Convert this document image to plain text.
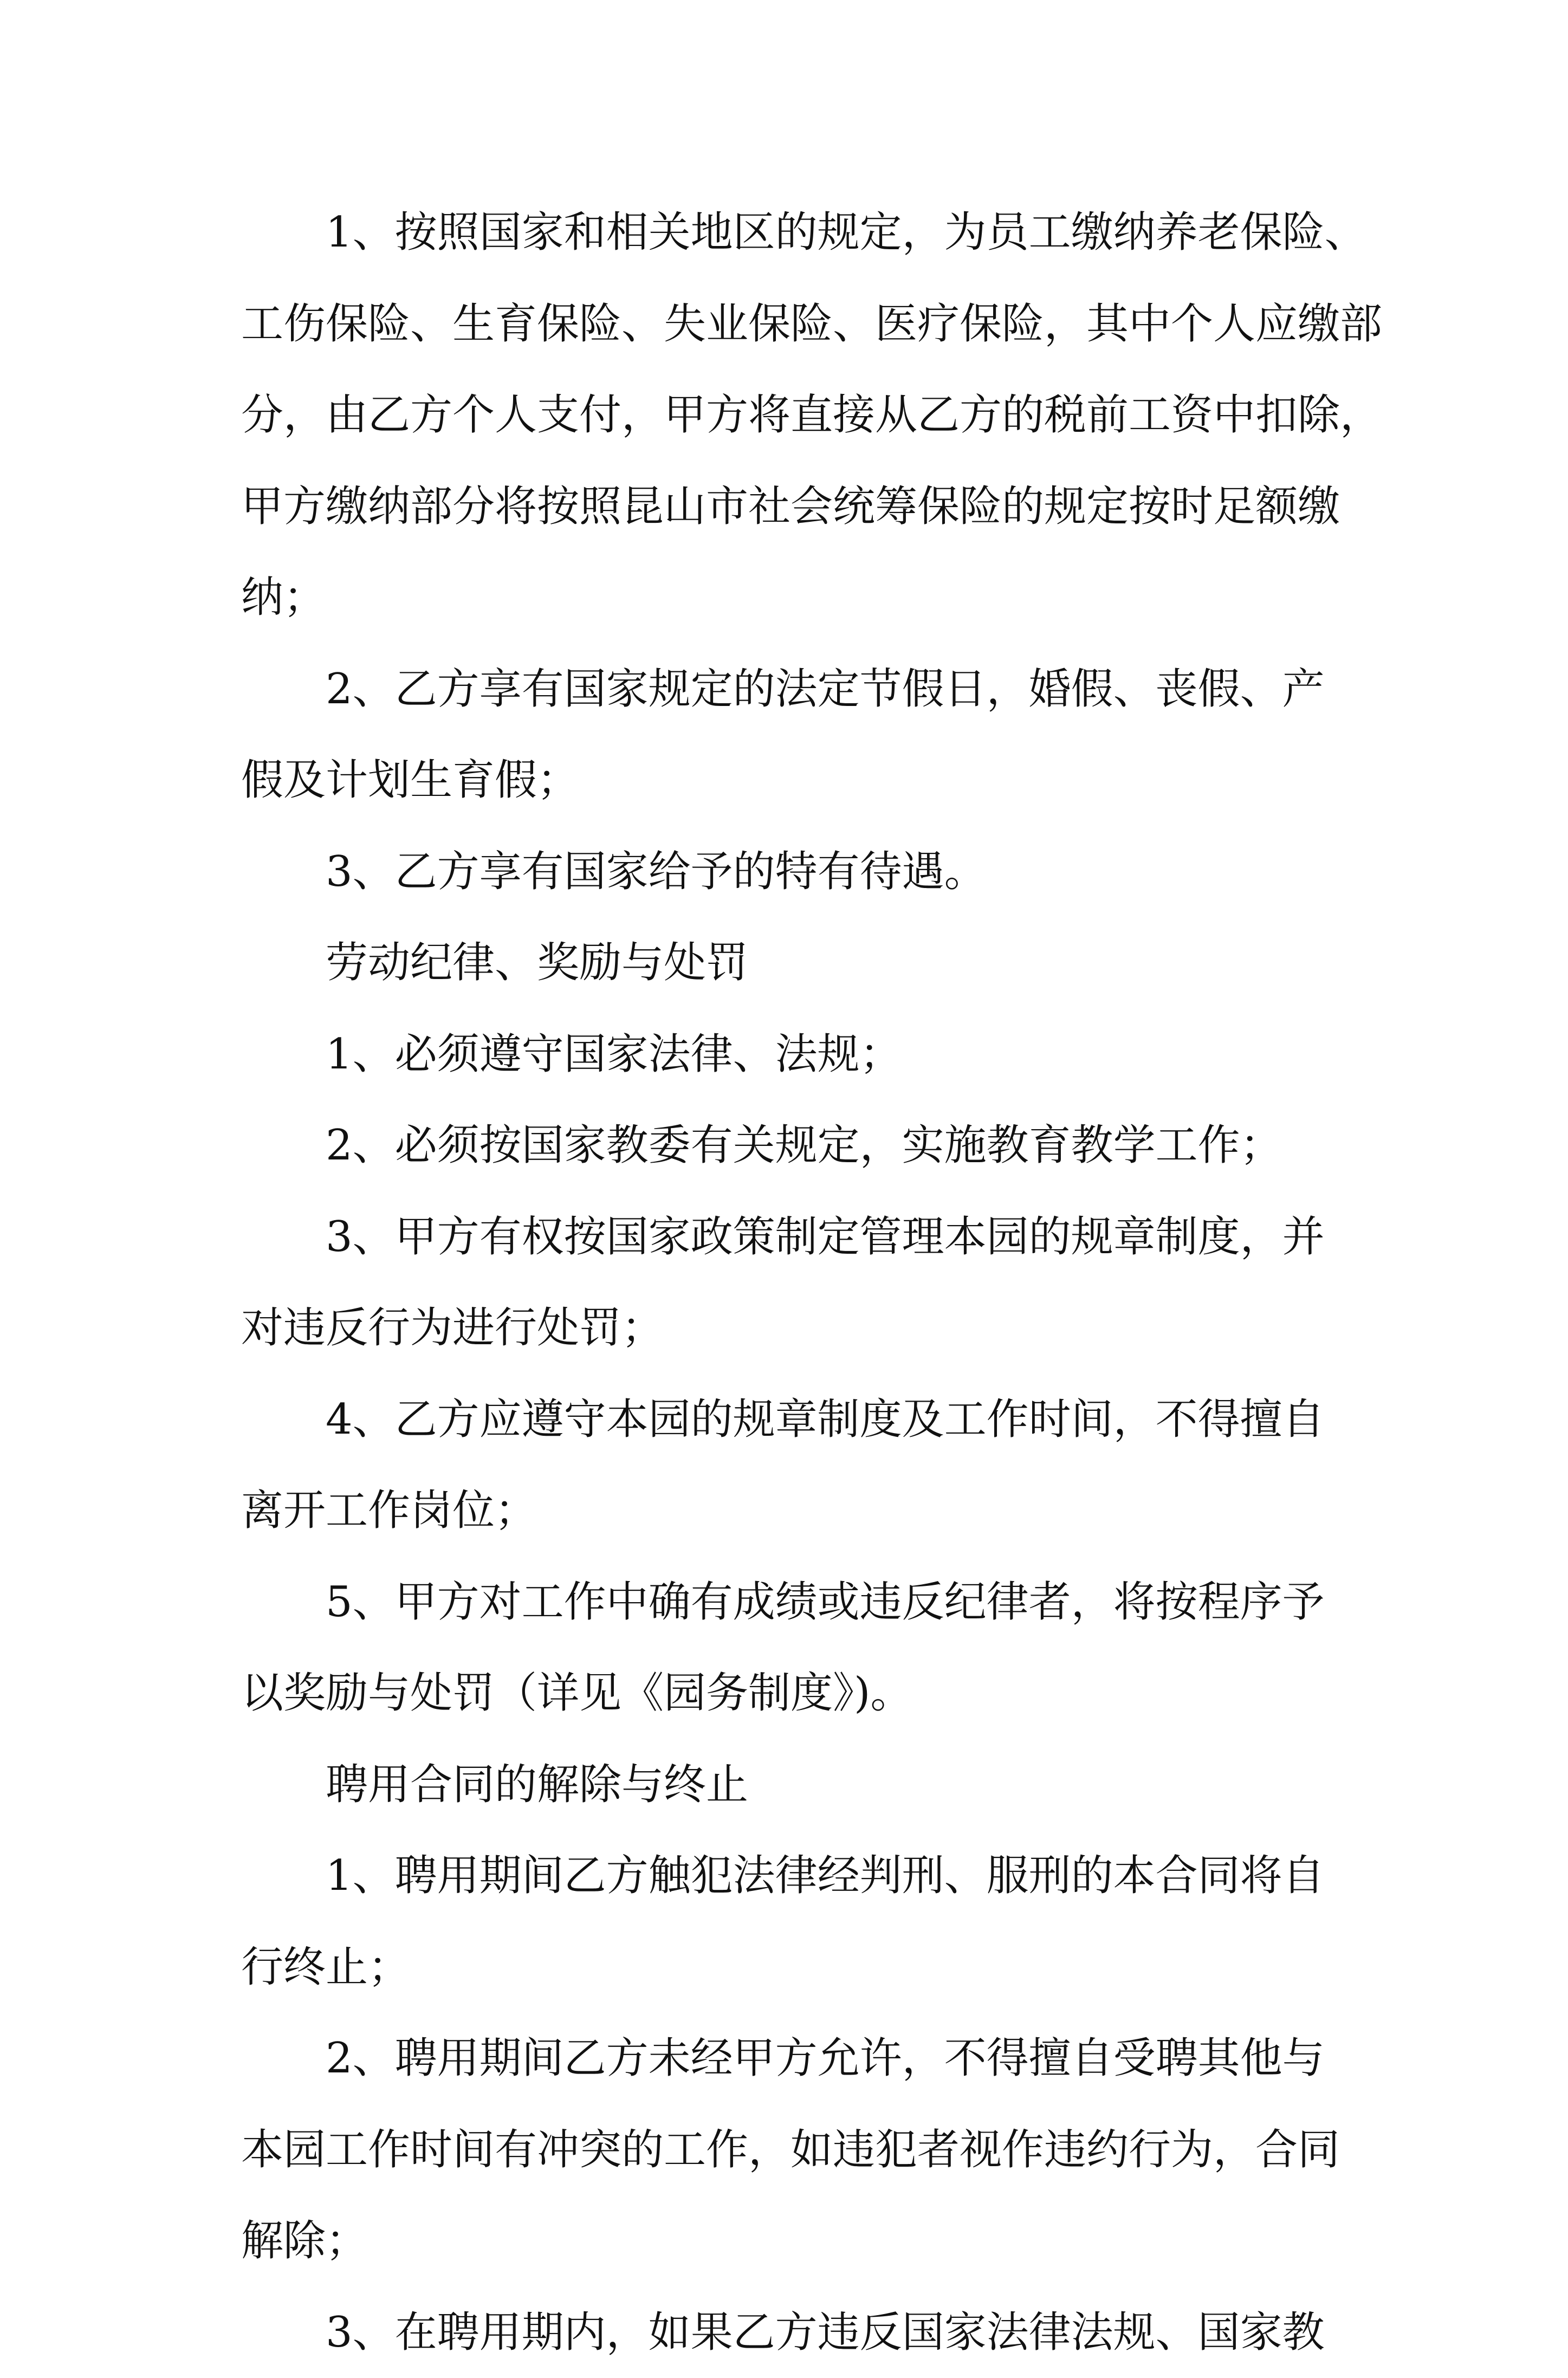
1、按照国家和相关地区的规定，为员工缴纳养老保险、工伤保险、生育保险、失业保险、医疗保险，其中个人应缴部分，由乙方个人支付，甲方将直接从乙方的税前工资中扣除，甲方缴纳部分将按照昆山市社会统筹保险的规定按时足额缴纳；

2、乙方享有国家规定的法定节假日，婚假、丧假、产假及计划生育假；

3、乙方享有国家给予的特有待遇。

劳动纪律、奖励与处罚

1、必须遵守国家法律、法规；

2、必须按国家教委有关规定，实施教育教学工作；

3、甲方有权按国家政策制定管理本园的规章制度，并对违反行为进行处罚；

4、乙方应遵守本园的规章制度及工作时间，不得擅自离开工作岗位；

5、甲方对工作中确有成绩或违反纪律者，将按程序予以奖励与处罚（详见《园务制度》)。

聘用合同的解除与终止

1、聘用期间乙方触犯法律经判刑、服刑的本合同将自行终止；

2、聘用期间乙方未经甲方允许，不得擅自受聘其他与本园工作时间有冲突的工作，如违犯者视作违约行为，合同解除；

3、在聘用期内，如果乙方违反国家法律法规、国家教
